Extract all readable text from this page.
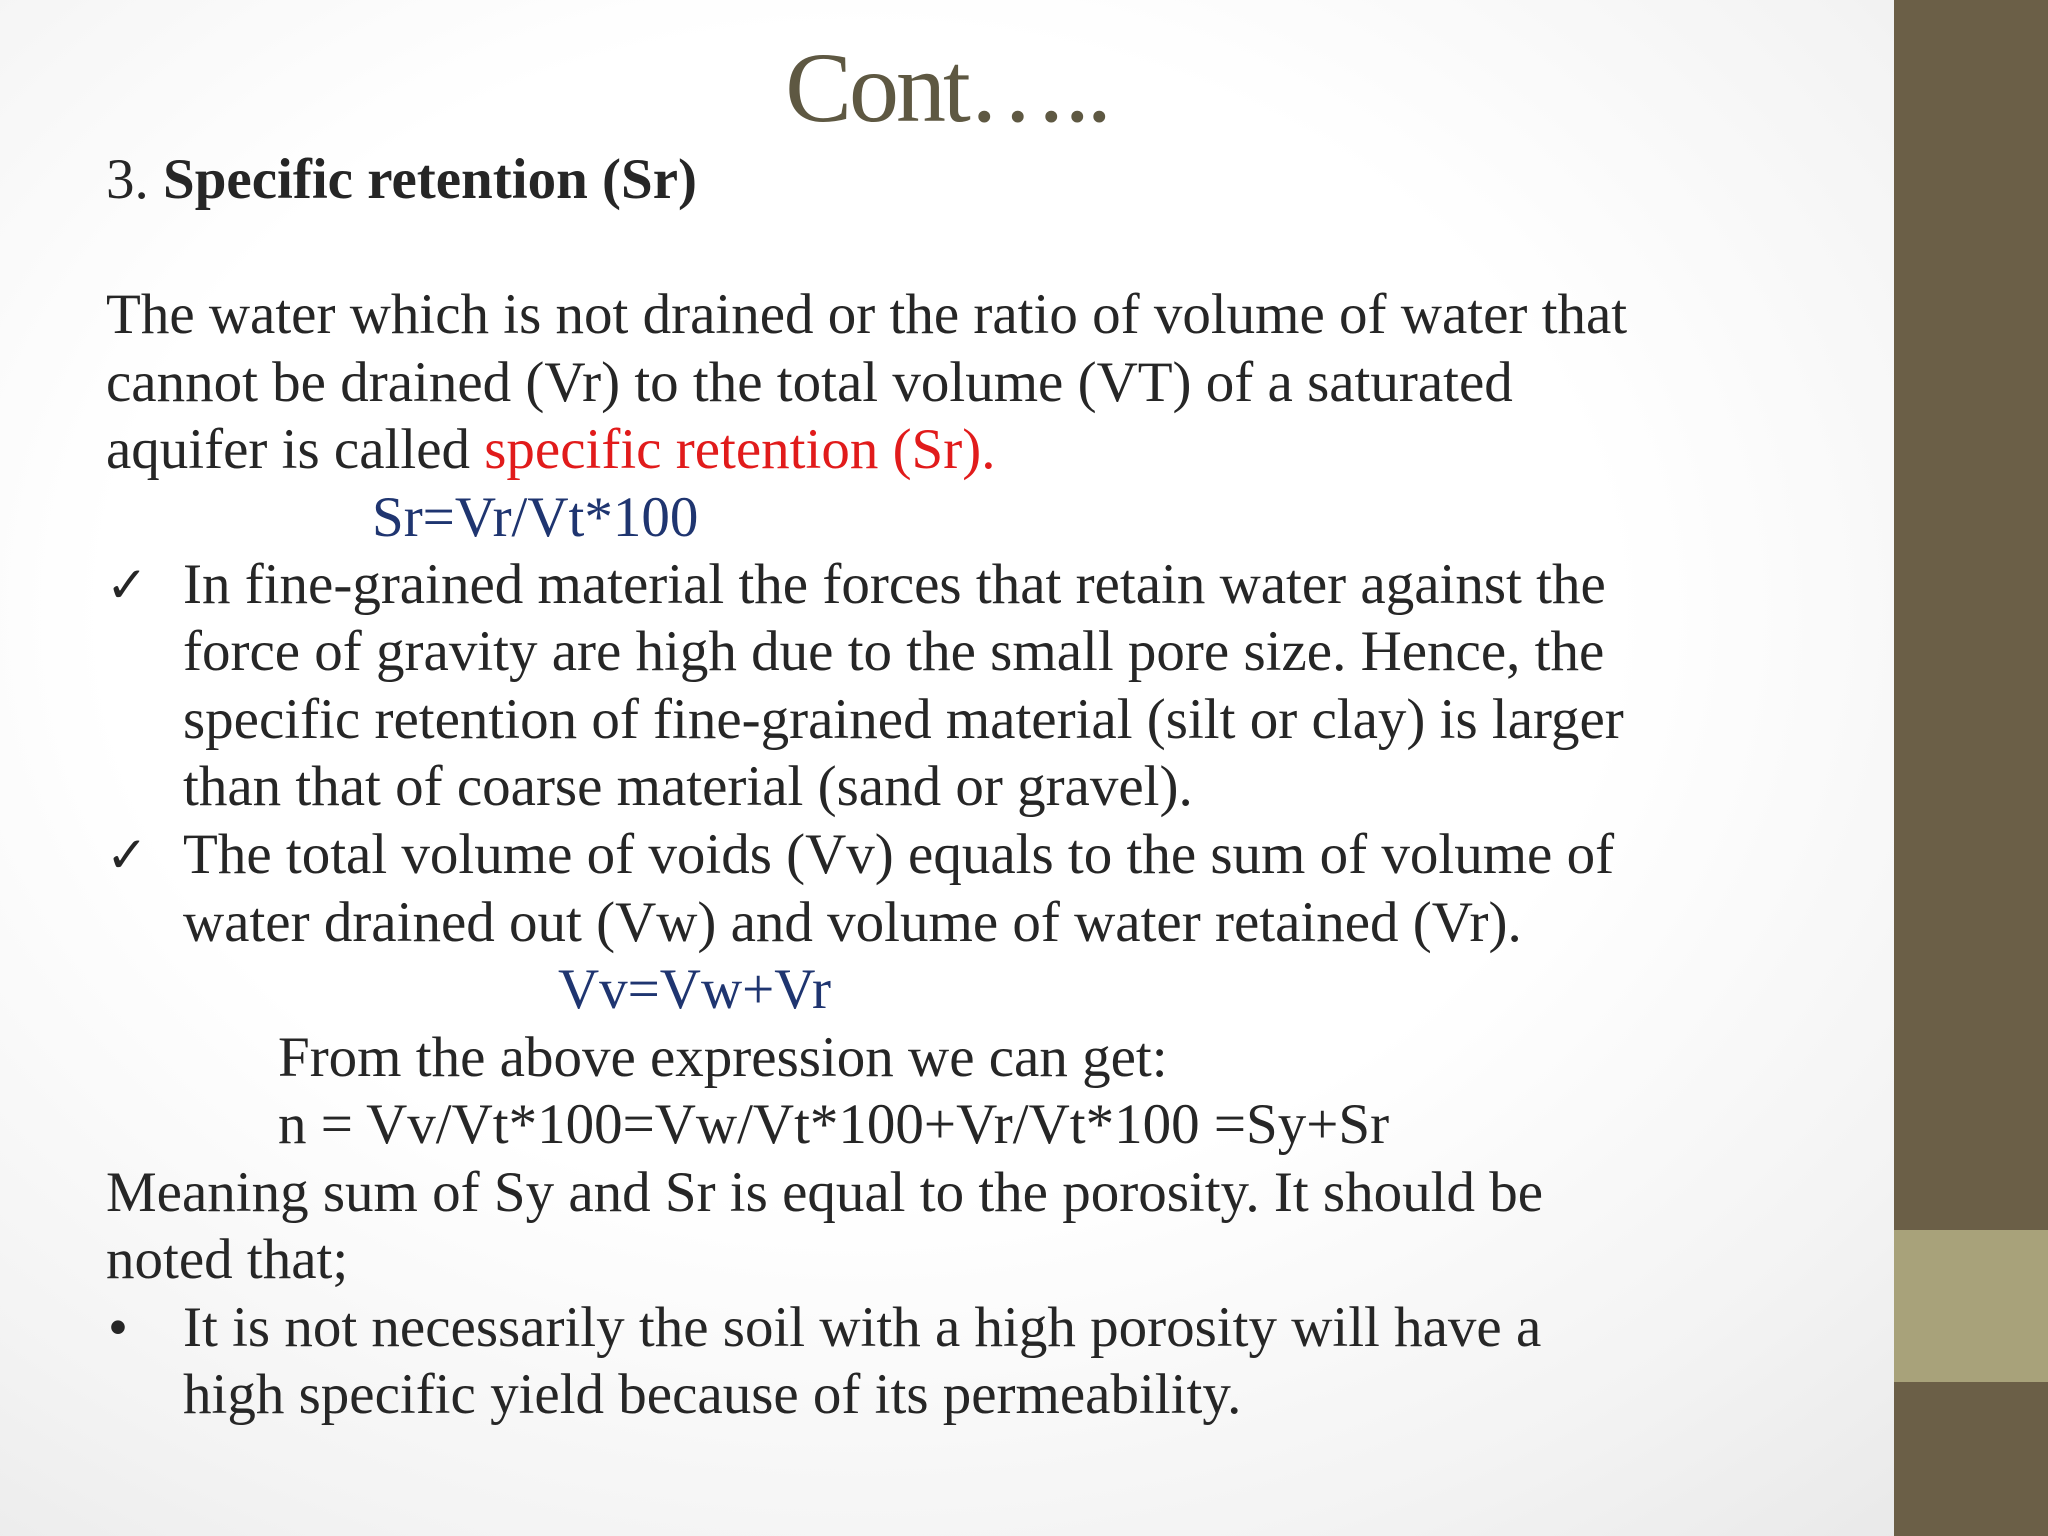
Cont…..
3. Specific retention (Sr)
The water which is not drained or the ratio of volume of water that
cannot be drained (Vr) to the total volume (VT) of a saturated
aquifer is called specific retention (Sr).
Sr=Vr/Vt*100
✓ In fine-grained material the forces that retain water against the
force of gravity are high due to the small pore size. Hence, the
specific retention of fine-grained material (silt or clay) is larger
than that of coarse material (sand or gravel).
✓ The total volume of voids (Vv) equals to the sum of volume of
water drained out (Vw) and volume of water retained (Vr).
Vv=Vw+Vr
From the above expression we can get:
n = Vv/Vt*100=Vw/Vt*100+Vr/Vt*100 =Sy+Sr
Meaning sum of Sy and Sr is equal to the porosity. It should be
noted that;
• It is not necessarily the soil with a high porosity will have a
high specific yield because of its permeability.
